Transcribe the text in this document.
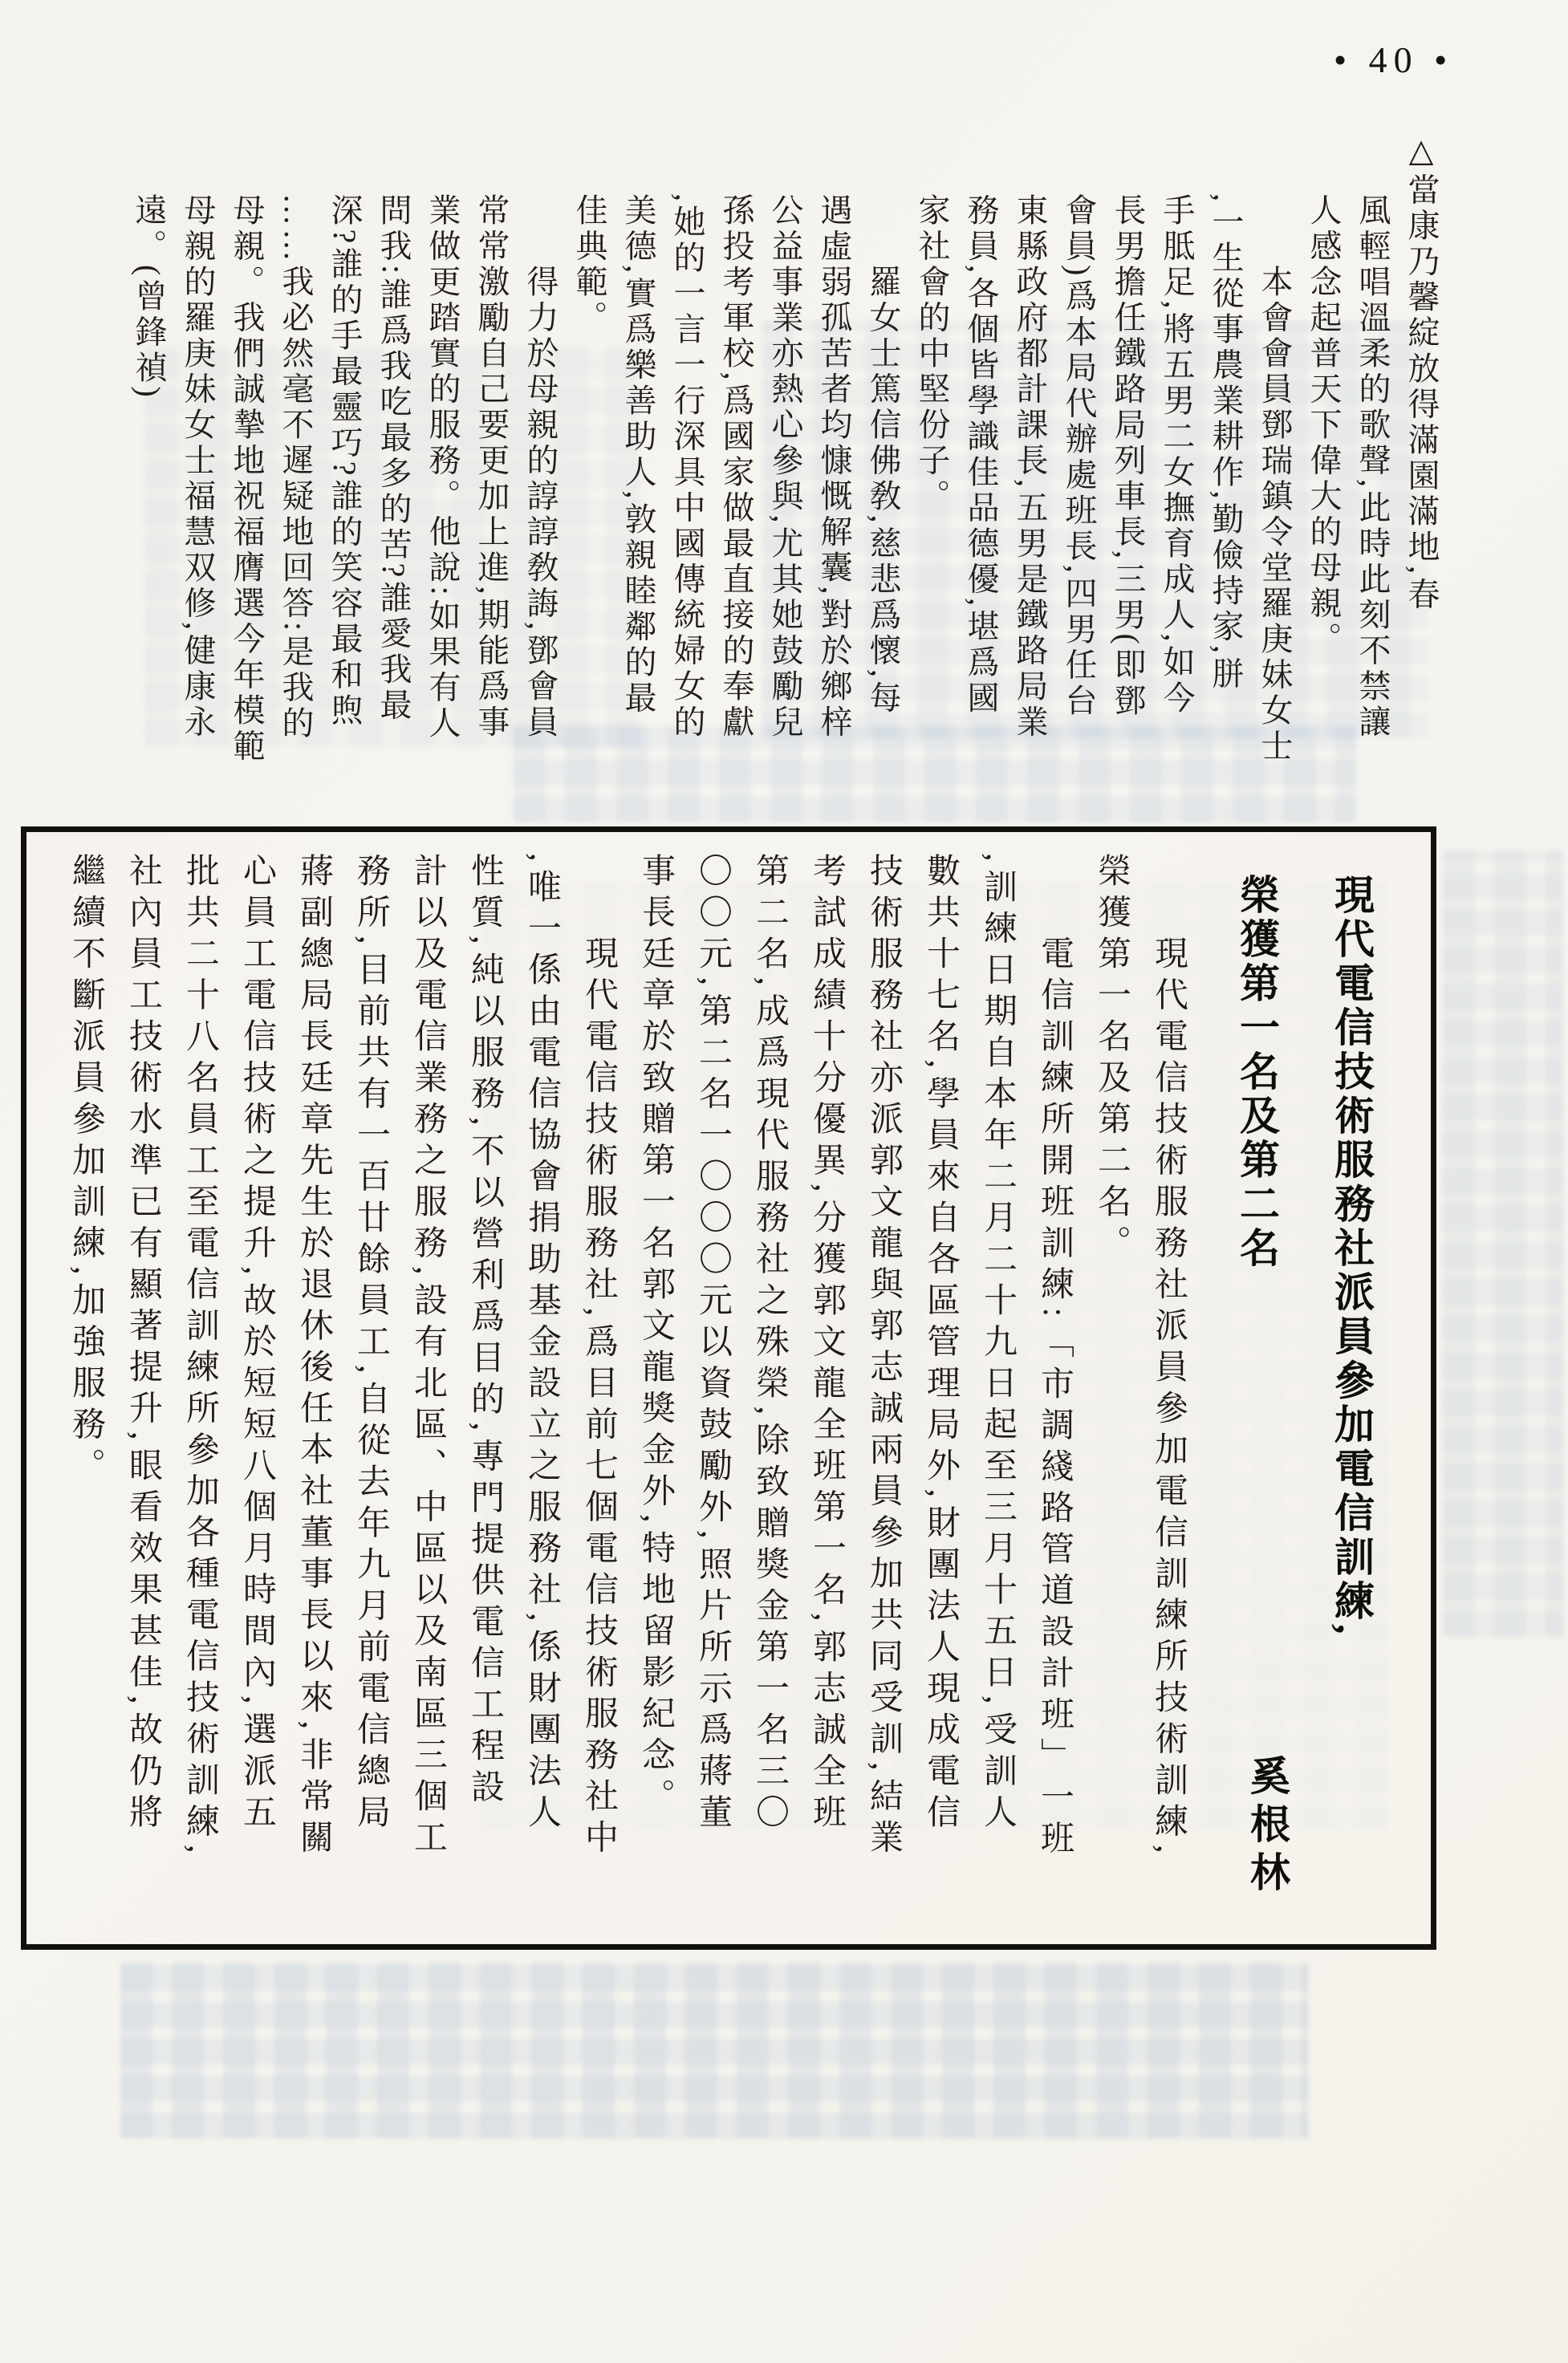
• 40 •

△當康乃馨綻放得滿園滿地,春

風輕唱溫柔的歌聲,此時此刻不禁讓

人感念起普天下偉大的母親。

　　本會會員鄧瑞鎮令堂羅庚妹女士

,一生從事農業耕作,勤儉持家,胼

手胝足,將五男二女撫育成人,如今

長男擔任鐵路局列車長,三男(即鄧

會員)爲本局代辦處班長,四男任台

東縣政府都計課長,五男是鐵路局業

務員,各個皆學識佳品德優,堪爲國

家社會的中堅份子。

　　羅女士篤信佛敎,慈悲爲懷,每

遇虛弱孤苦者均慷慨解囊,對於鄉梓

公益事業亦熱心參與,尤其她鼓勵兒

孫投考軍校,爲國家做最直接的奉獻

,她的一言一行深具中國傳統婦女的

美德,實爲樂善助人,敦親睦鄰的最

佳典範。

　　得力於母親的諄諄敎誨,鄧會員

常常激勵自己要更加上進,期能爲事

業做更踏實的服務。他說:如果有人

問我:誰爲我吃最多的苦?誰愛我最

深?誰的手最靈巧?誰的笑容最和煦

……我必然毫不遲疑地回答:是我的

母親。我們誠摯地祝福膺選今年模範

母親的羅庚妹女士福慧双修,健康永

遠。(曾鋒禎)

現代電信技術服務社派員參加電信訓練,

榮獲第一名及第二名

奚根林

　　現代電信技術服務社派員參加電信訓練所技術訓練,

榮獲第一名及第二名。

　　電信訓練所開班訓練:「市調綫路管道設計班」一班

,訓練日期自本年二月二十九日起至三月十五日,受訓人

數共十七名,學員來自各區管理局外,財團法人現成電信

技術服務社亦派郭文龍與郭志誠兩員參加共同受訓,結業

考試成績十分優異,分獲郭文龍全班第一名,郭志誠全班

第二名,成爲現代服務社之殊榮,除致贈獎金第一名三〇

〇〇元,第二名一〇〇〇元以資鼓勵外,照片所示爲蔣董

事長廷章於致贈第一名郭文龍獎金外,特地留影紀念。

　　現代電信技術服務社,爲目前七個電信技術服務社中

,唯一係由電信協會捐助基金設立之服務社,係財團法人

性質,純以服務,不以營利爲目的,專門提供電信工程設

計以及電信業務之服務,設有北區、中區以及南區三個工

務所,目前共有一百廿餘員工,自從去年九月前電信總局

蔣副總局長廷章先生於退休後任本社董事長以來,非常關

心員工電信技術之提升,故於短短八個月時間內,選派五

批共二十八名員工至電信訓練所參加各種電信技術訓練,

社內員工技術水準已有顯著提升,眼看效果甚佳,故仍將

繼續不斷派員參加訓練,加強服務。
